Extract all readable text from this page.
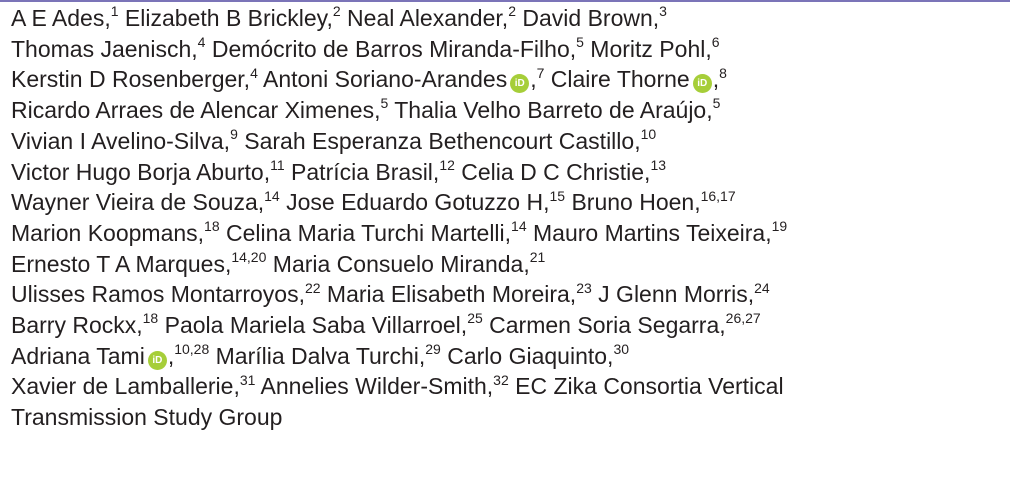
A E Ades,$^1$ Elizabeth B Brickley,$^2$ Neal Alexander,$^2$ David Brown,$^3$
Thomas Jaenisch,$^4$ Demócrito de Barros Miranda-Filho,$^5$ Moritz Pohl,$^6$
Kerstin D Rosenberger,$^4$ Antoni Soriano-Arandes iD ,$^7$ Claire Thorne iD ,$^8$
Ricardo Arraes de Alencar Ximenes,$^5$ Thalia Velho Barreto de Araújo,$^5$
Vivian I Avelino-Silva,$^9$ Sarah Esperanza Bethencourt Castillo,$^{10}$
Victor Hugo Borja Aburto,$^{11}$ Patrícia Brasil,$^{12}$ Celia D C Christie,$^{13}$
Wayner Vieira de Souza,$^{14}$ Jose Eduardo Gotuzzo H,$^{15}$ Bruno Hoen,$^{16,17}$
Marion Koopmans,$^{18}$ Celina Maria Turchi Martelli,$^{14}$ Mauro Martins Teixeira,$^{19}$
Ernesto T A Marques,$^{14,20}$ Maria Consuelo Miranda,$^{21}$
Ulisses Ramos Montarroyos,$^{22}$ Maria Elisabeth Moreira,$^{23}$ J Glenn Morris,$^{24}$
Barry Rockx,$^{18}$ Paola Mariela Saba Villarroel,$^{25}$ Carmen Soria Segarra,$^{26,27}$
Adriana Tami iD ,$^{10,28}$ Marília Dalva Turchi,$^{29}$ Carlo Giaquinto,$^{30}$
Xavier de Lamballerie,$^{31}$ Annelies Wilder-Smith,$^{32}$ EC Zika Consortia Vertical
Transmission Study Group
